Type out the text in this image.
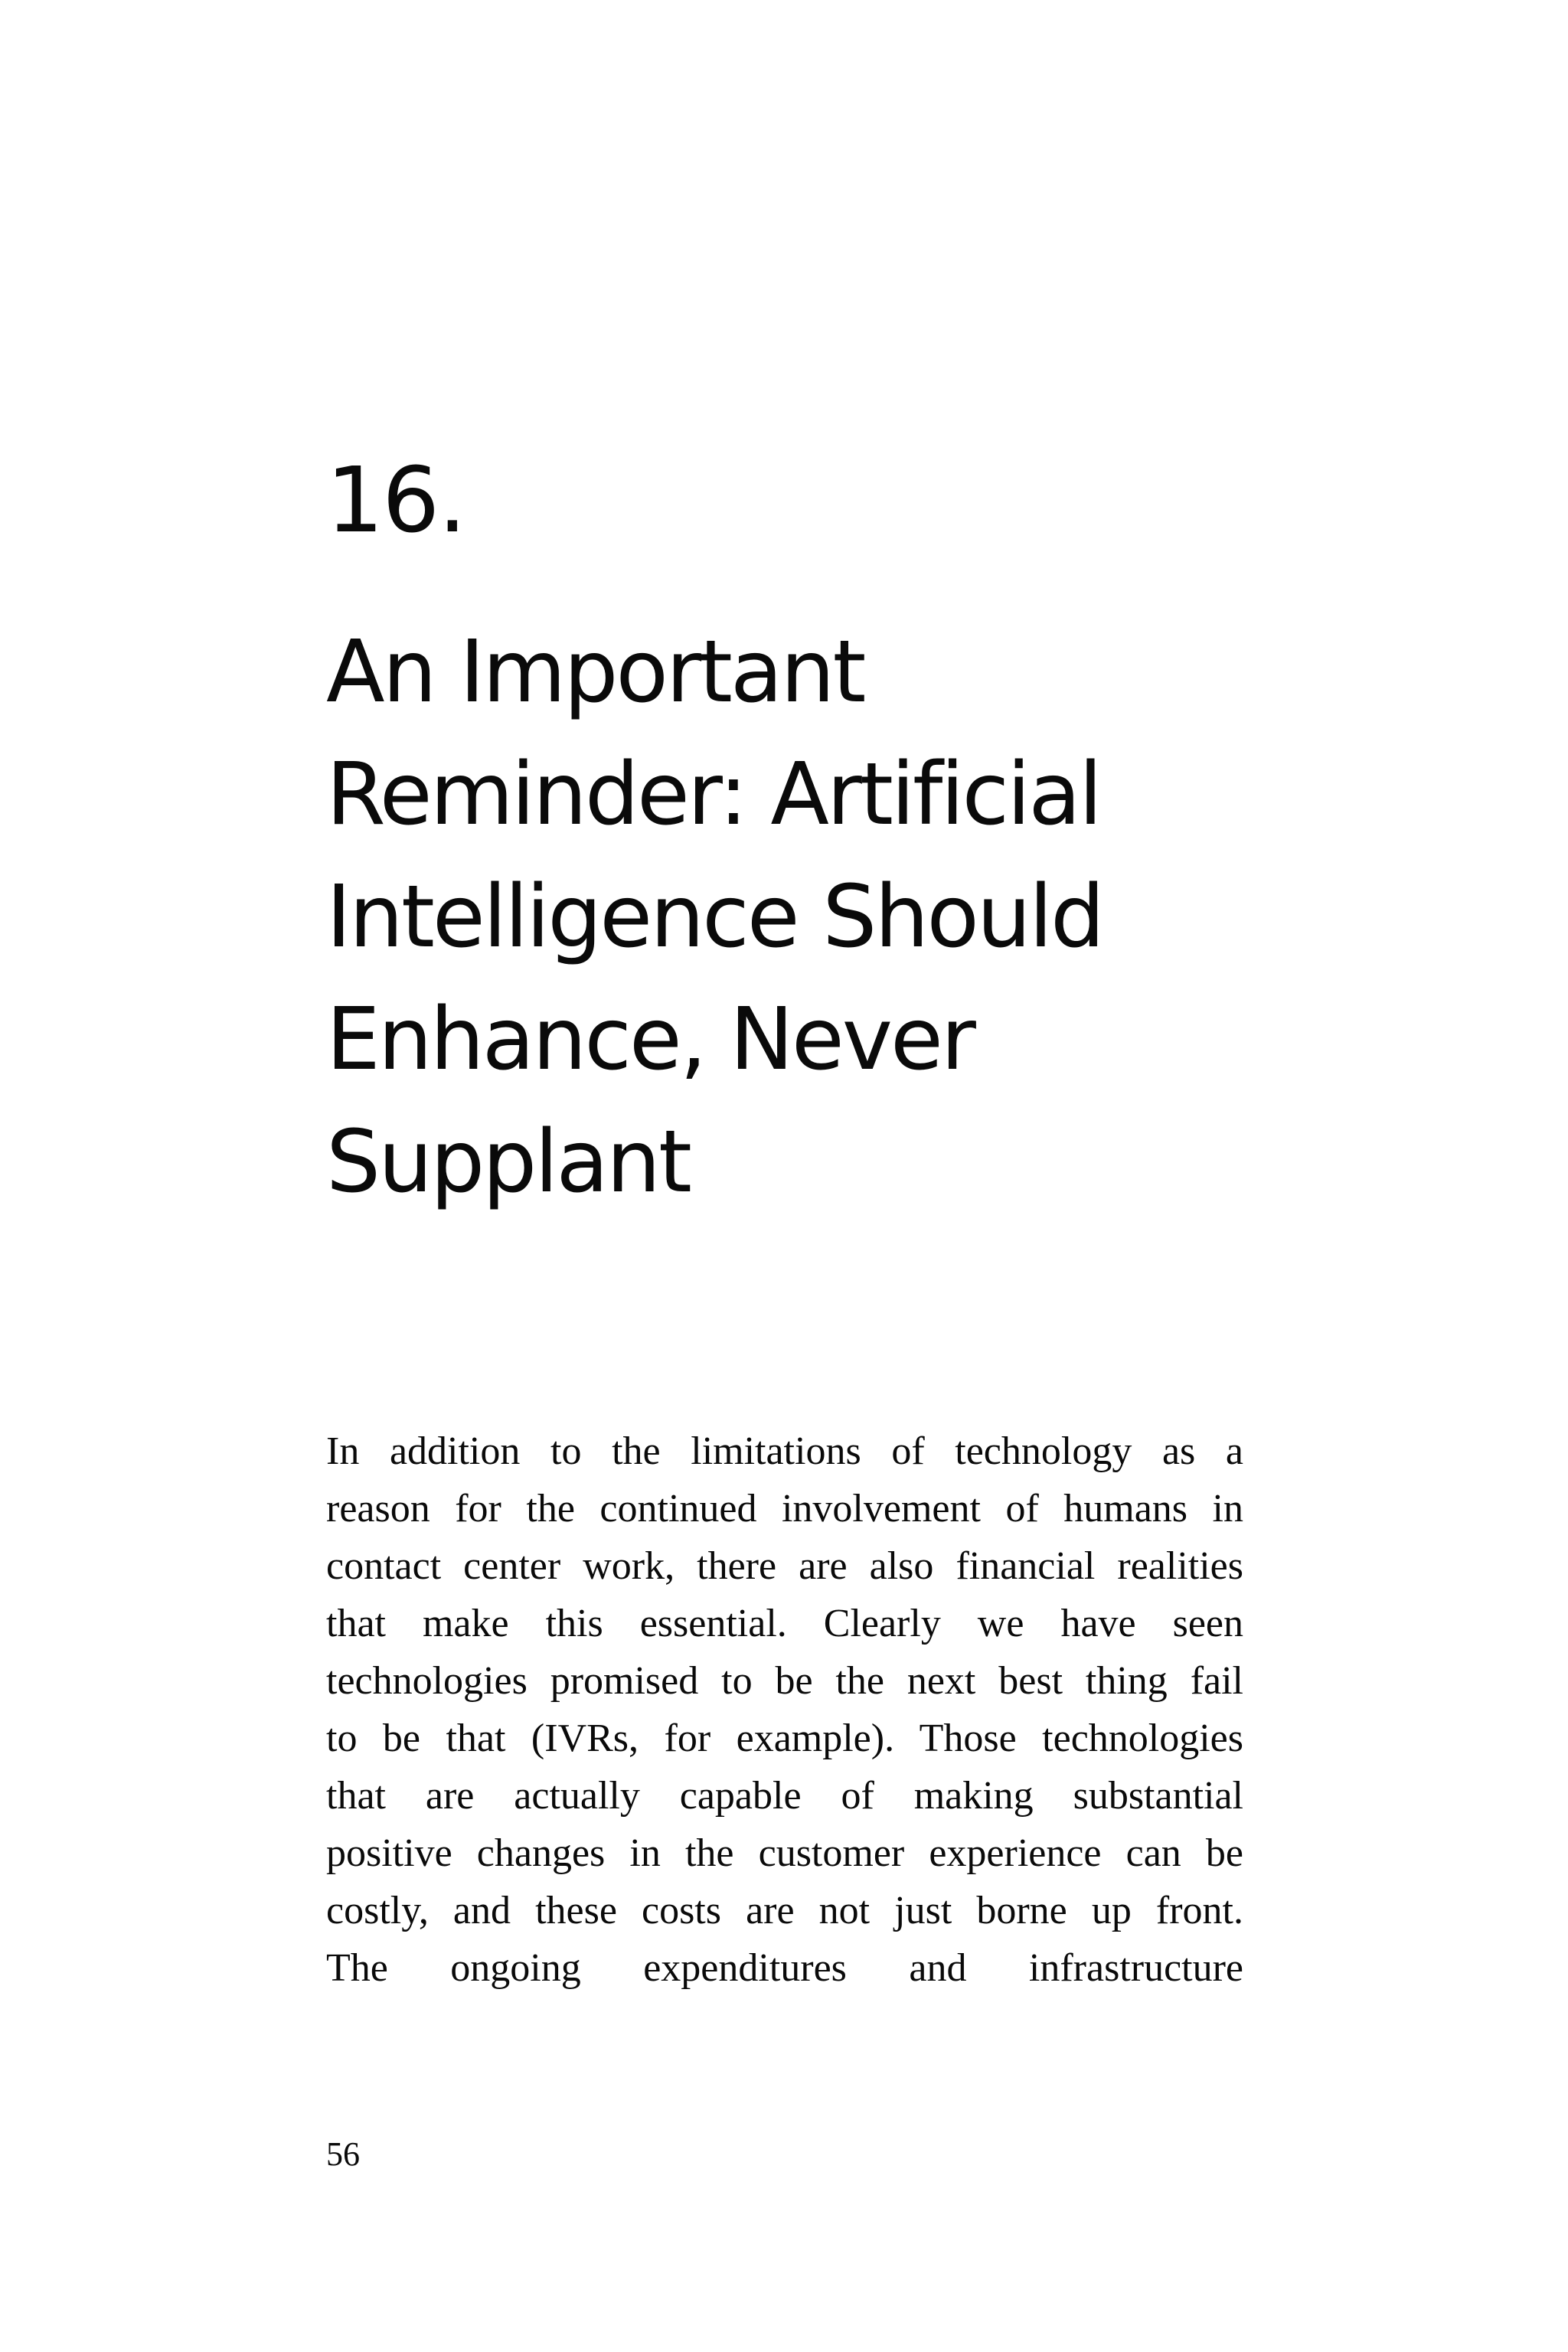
16.
An Important
Reminder: Artificial
Intelligence Should
Enhance, Never
Supplant
In addition to the limitations of technology as a
reason for the continued involvement of humans in
contact center work, there are also financial realities
that make this essential. Clearly we have seen
technologies promised to be the next best thing fail
to be that (IVRs, for example). Those technologies
that are actually capable of making substantial
positive changes in the customer experience can be
costly, and these costs are not just borne up front.
The ongoing expenditures and infrastructure
56
